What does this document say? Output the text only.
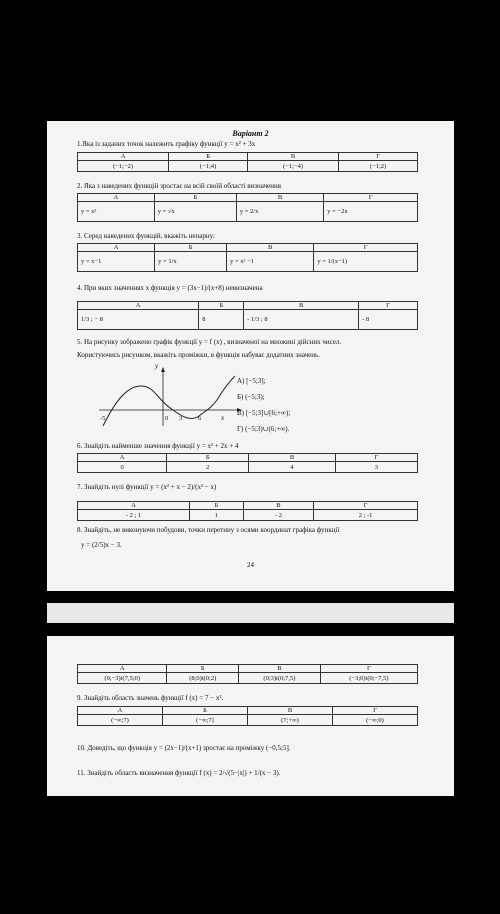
Варіант 2
1.Яка із заданих точок належить графіку функції y = x² + 3x
А	Б	В	Г
(−1;−2)	(−1;4)	(−1;−4)	(−1;2)
2. Яка з наведених функцій зростає на всій своїй області визначення
А	Б	В	Г
y = x²	y = √x	y = 2/x	y = −2x
3. Серед наведених функцій, вкажіть непарну:
А	Б	В	Г
y = x−1	y = 1/x	y = x² −1	y = 1/(x−1)
4. При яких значеннях x функція y = (3x−1)/(x+8) невизначена
А	Б	В	Г
1/3 ; − 8	8	- 1/3 ; 8	- 8
5. На рисунку зображено графік функції y = f (x) , визначеної на множині дійсних чисел.
Користуючись рисунком, вкажіть проміжки, в функція набуває додатних значень.
y
x
-5	0 3 6
А) [−5;3];
Б) (−5;3);
В) [−5;3]∪[6;+∞);
Г) (−5;3)∪(6;+∞).
6. Знайдіть найменше значення функції y = x² + 2x + 4
А	Б	В	Г
0	2	4	3
7. Знайдіть нулі функції y = (x² + x − 2)/(x² − x)
А	Б	В	Г
- 2 ; 1	1	- 2	2 ; -1
8. Знайдіть, не виконуючи побудови, точки перетину з осями координат графіка функції
y = (2/5)x − 3.
24
А	Б	В	Г
(0;−3)i(7,5;0)	(8;0)i(0;2)	(0;3)i(0;7,5)	(−3;0)i(0;−7,5)
9. Знайдіть область значень функції f (x) = 7 − x².
А	Б	В	Г
(−∞;7)	(−∞;7]	(7;+∞)	(−∞;0)
10. Доведіть, що функція y = (2x−1)/(x+1) зростає на проміжку (−0,5;5].
11. Знайдіть область визначення функції f (x) = 2/√(5−|x|) + 1/(x − 3).
